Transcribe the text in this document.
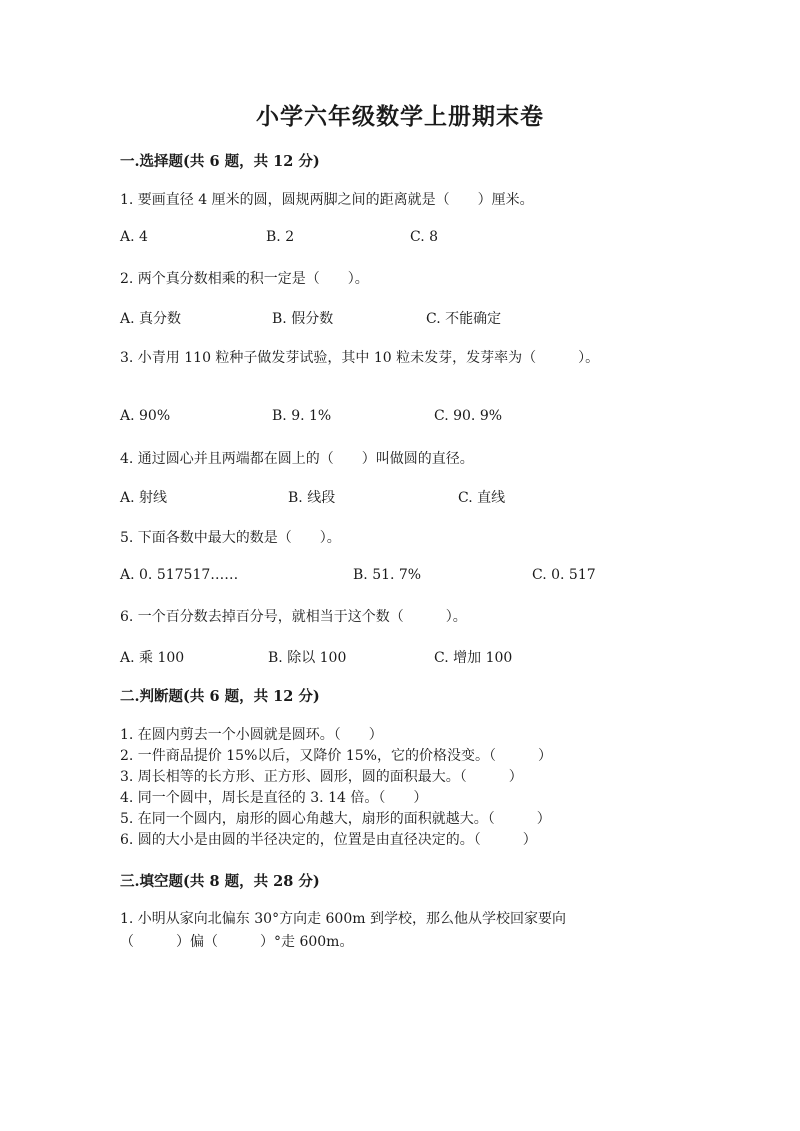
小学六年级数学上册期末卷
一.选择题(共 6 题，共 12 分)
1. 要画直径 4 厘米的圆，圆规两脚之间的距离就是（　　）厘米。
A. 4	B. 2	C. 8
2. 两个真分数相乘的积一定是（　　）。
A. 真分数	B. 假分数	C. 不能确定
3. 小青用 110 粒种子做发芽试验，其中 10 粒未发芽，发芽率为（　　　）。
A. 90%	B. 9. 1%	C. 90. 9%
4. 通过圆心并且两端都在圆上的（　　）叫做圆的直径。
A. 射线	B. 线段	C. 直线
5. 下面各数中最大的数是（　　）。
A. 0. 517517……	B. 51. 7%	C. 0. 517
6. 一个百分数去掉百分号，就相当于这个数（　　　）。
A. 乘 100	B. 除以 100	C. 增加 100
二.判断题(共 6 题，共 12 分)
1. 在圆内剪去一个小圆就是圆环。（　　）
2. 一件商品提价 15%以后，又降价 15%，它的价格没变。（　　　）
3. 周长相等的长方形、正方形、圆形，圆的面积最大。（　　　）
4. 同一个圆中，周长是直径的 3. 14 倍。（　　）
5. 在同一个圆内，扇形的圆心角越大，扇形的面积就越大。（　　　）
6. 圆的大小是由圆的半径决定的，位置是由直径决定的。（　　　）
三.填空题(共 8 题，共 28 分)
1. 小明从家向北偏东 30°方向走 600m 到学校，那么他从学校回家要向
（　　　）偏（　　　）°走 600m。
